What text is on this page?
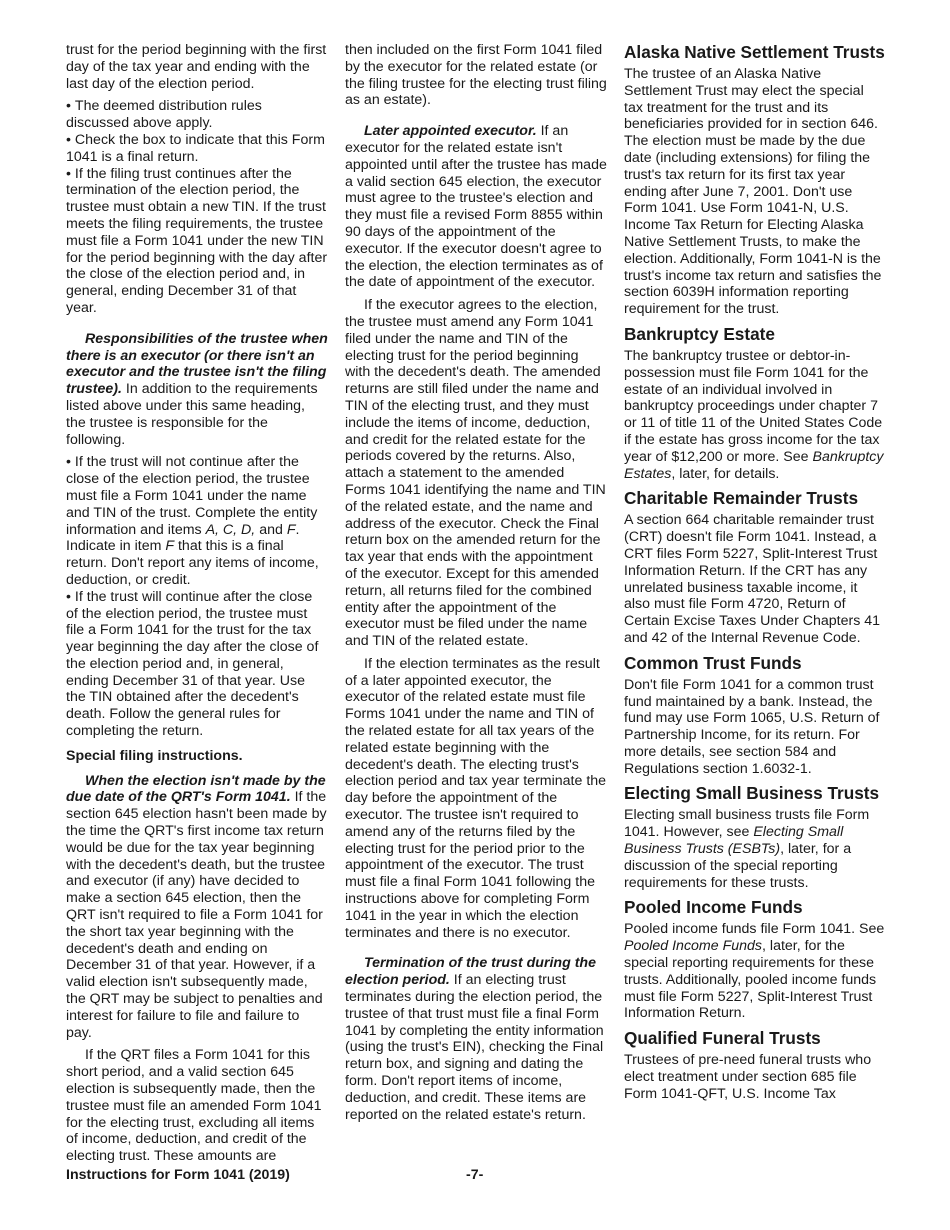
trust for the period beginning with the first day of the tax year and ending with the last day of the election period.

• The deemed distribution rules discussed above apply.

• Check the box to indicate that this Form 1041 is a final return.

• If the filing trust continues after the termination of the election period, the trustee must obtain a new TIN. If the trust meets the filing requirements, the trustee must file a Form 1041 under the new TIN for the period beginning with the day after the close of the election period and, in general, ending December 31 of that year.

Responsibilities of the trustee when there is an executor (or there isn't an executor and the trustee isn't the filing trustee). In addition to the requirements listed above under this same heading, the trustee is responsible for the following.

• If the trust will not continue after the close of the election period, the trustee must file a Form 1041 under the name and TIN of the trust. Complete the entity information and items A, C, D, and F. Indicate in item F that this is a final return. Don't report any items of income, deduction, or credit.

• If the trust will continue after the close of the election period, the trustee must file a Form 1041 for the trust for the tax year beginning the day after the close of the election period and, in general, ending December 31 of that year. Use the TIN obtained after the decedent's death. Follow the general rules for completing the return.

Special filing instructions.

When the election isn't made by the due date of the QRT's Form 1041. If the section 645 election hasn't been made by the time the QRT's first income tax return would be due for the tax year beginning with the decedent's death, but the trustee and executor (if any) have decided to make a section 645 election, then the QRT isn't required to file a Form 1041 for the short tax year beginning with the decedent's death and ending on December 31 of that year. However, if a valid election isn't subsequently made, the QRT may be subject to penalties and interest for failure to file and failure to pay.

If the QRT files a Form 1041 for this short period, and a valid section 645 election is subsequently made, then the trustee must file an amended Form 1041 for the electing trust, excluding all items of income, deduction, and credit of the electing trust. These amounts are

then included on the first Form 1041 filed by the executor for the related estate (or the filing trustee for the electing trust filing as an estate).

Later appointed executor. If an executor for the related estate isn't appointed until after the trustee has made a valid section 645 election, the executor must agree to the trustee's election and they must file a revised Form 8855 within 90 days of the appointment of the executor. If the executor doesn't agree to the election, the election terminates as of the date of appointment of the executor.

If the executor agrees to the election, the trustee must amend any Form 1041 filed under the name and TIN of the electing trust for the period beginning with the decedent's death. The amended returns are still filed under the name and TIN of the electing trust, and they must include the items of income, deduction, and credit for the related estate for the periods covered by the returns. Also, attach a statement to the amended Forms 1041 identifying the name and TIN of the related estate, and the name and address of the executor. Check the Final return box on the amended return for the tax year that ends with the appointment of the executor. Except for this amended return, all returns filed for the combined entity after the appointment of the executor must be filed under the name and TIN of the related estate.

If the election terminates as the result of a later appointed executor, the executor of the related estate must file Forms 1041 under the name and TIN of the related estate for all tax years of the related estate beginning with the decedent's death. The electing trust's election period and tax year terminate the day before the appointment of the executor. The trustee isn't required to amend any of the returns filed by the electing trust for the period prior to the appointment of the executor. The trust must file a final Form 1041 following the instructions above for completing Form 1041 in the year in which the election terminates and there is no executor.

Termination of the trust during the election period. If an electing trust terminates during the election period, the trustee of that trust must file a final Form 1041 by completing the entity information (using the trust's EIN), checking the Final return box, and signing and dating the form. Don't report items of income, deduction, and credit. These items are reported on the related estate's return.

Alaska Native Settlement Trusts

The trustee of an Alaska Native Settlement Trust may elect the special tax treatment for the trust and its beneficiaries provided for in section 646. The election must be made by the due date (including extensions) for filing the trust's tax return for its first tax year ending after June 7, 2001. Don't use Form 1041. Use Form 1041-N, U.S. Income Tax Return for Electing Alaska Native Settlement Trusts, to make the election. Additionally, Form 1041-N is the trust's income tax return and satisfies the section 6039H information reporting requirement for the trust.

Bankruptcy Estate

The bankruptcy trustee or debtor-in-possession must file Form 1041 for the estate of an individual involved in bankruptcy proceedings under chapter 7 or 11 of title 11 of the United States Code if the estate has gross income for the tax year of $12,200 or more. See Bankruptcy Estates, later, for details.

Charitable Remainder Trusts

A section 664 charitable remainder trust (CRT) doesn't file Form 1041. Instead, a CRT files Form 5227, Split-Interest Trust Information Return. If the CRT has any unrelated business taxable income, it also must file Form 4720, Return of Certain Excise Taxes Under Chapters 41 and 42 of the Internal Revenue Code.

Common Trust Funds

Don't file Form 1041 for a common trust fund maintained by a bank. Instead, the fund may use Form 1065, U.S. Return of Partnership Income, for its return. For more details, see section 584 and Regulations section 1.6032-1.

Electing Small Business Trusts

Electing small business trusts file Form 1041. However, see Electing Small Business Trusts (ESBTs), later, for a discussion of the special reporting requirements for these trusts.

Pooled Income Funds

Pooled income funds file Form 1041. See Pooled Income Funds, later, for the special reporting requirements for these trusts. Additionally, pooled income funds must file Form 5227, Split-Interest Trust Information Return.

Qualified Funeral Trusts

Trustees of pre-need funeral trusts who elect treatment under section 685 file Form 1041-QFT, U.S. Income Tax

Instructions for Form 1041 (2019)	-7-
